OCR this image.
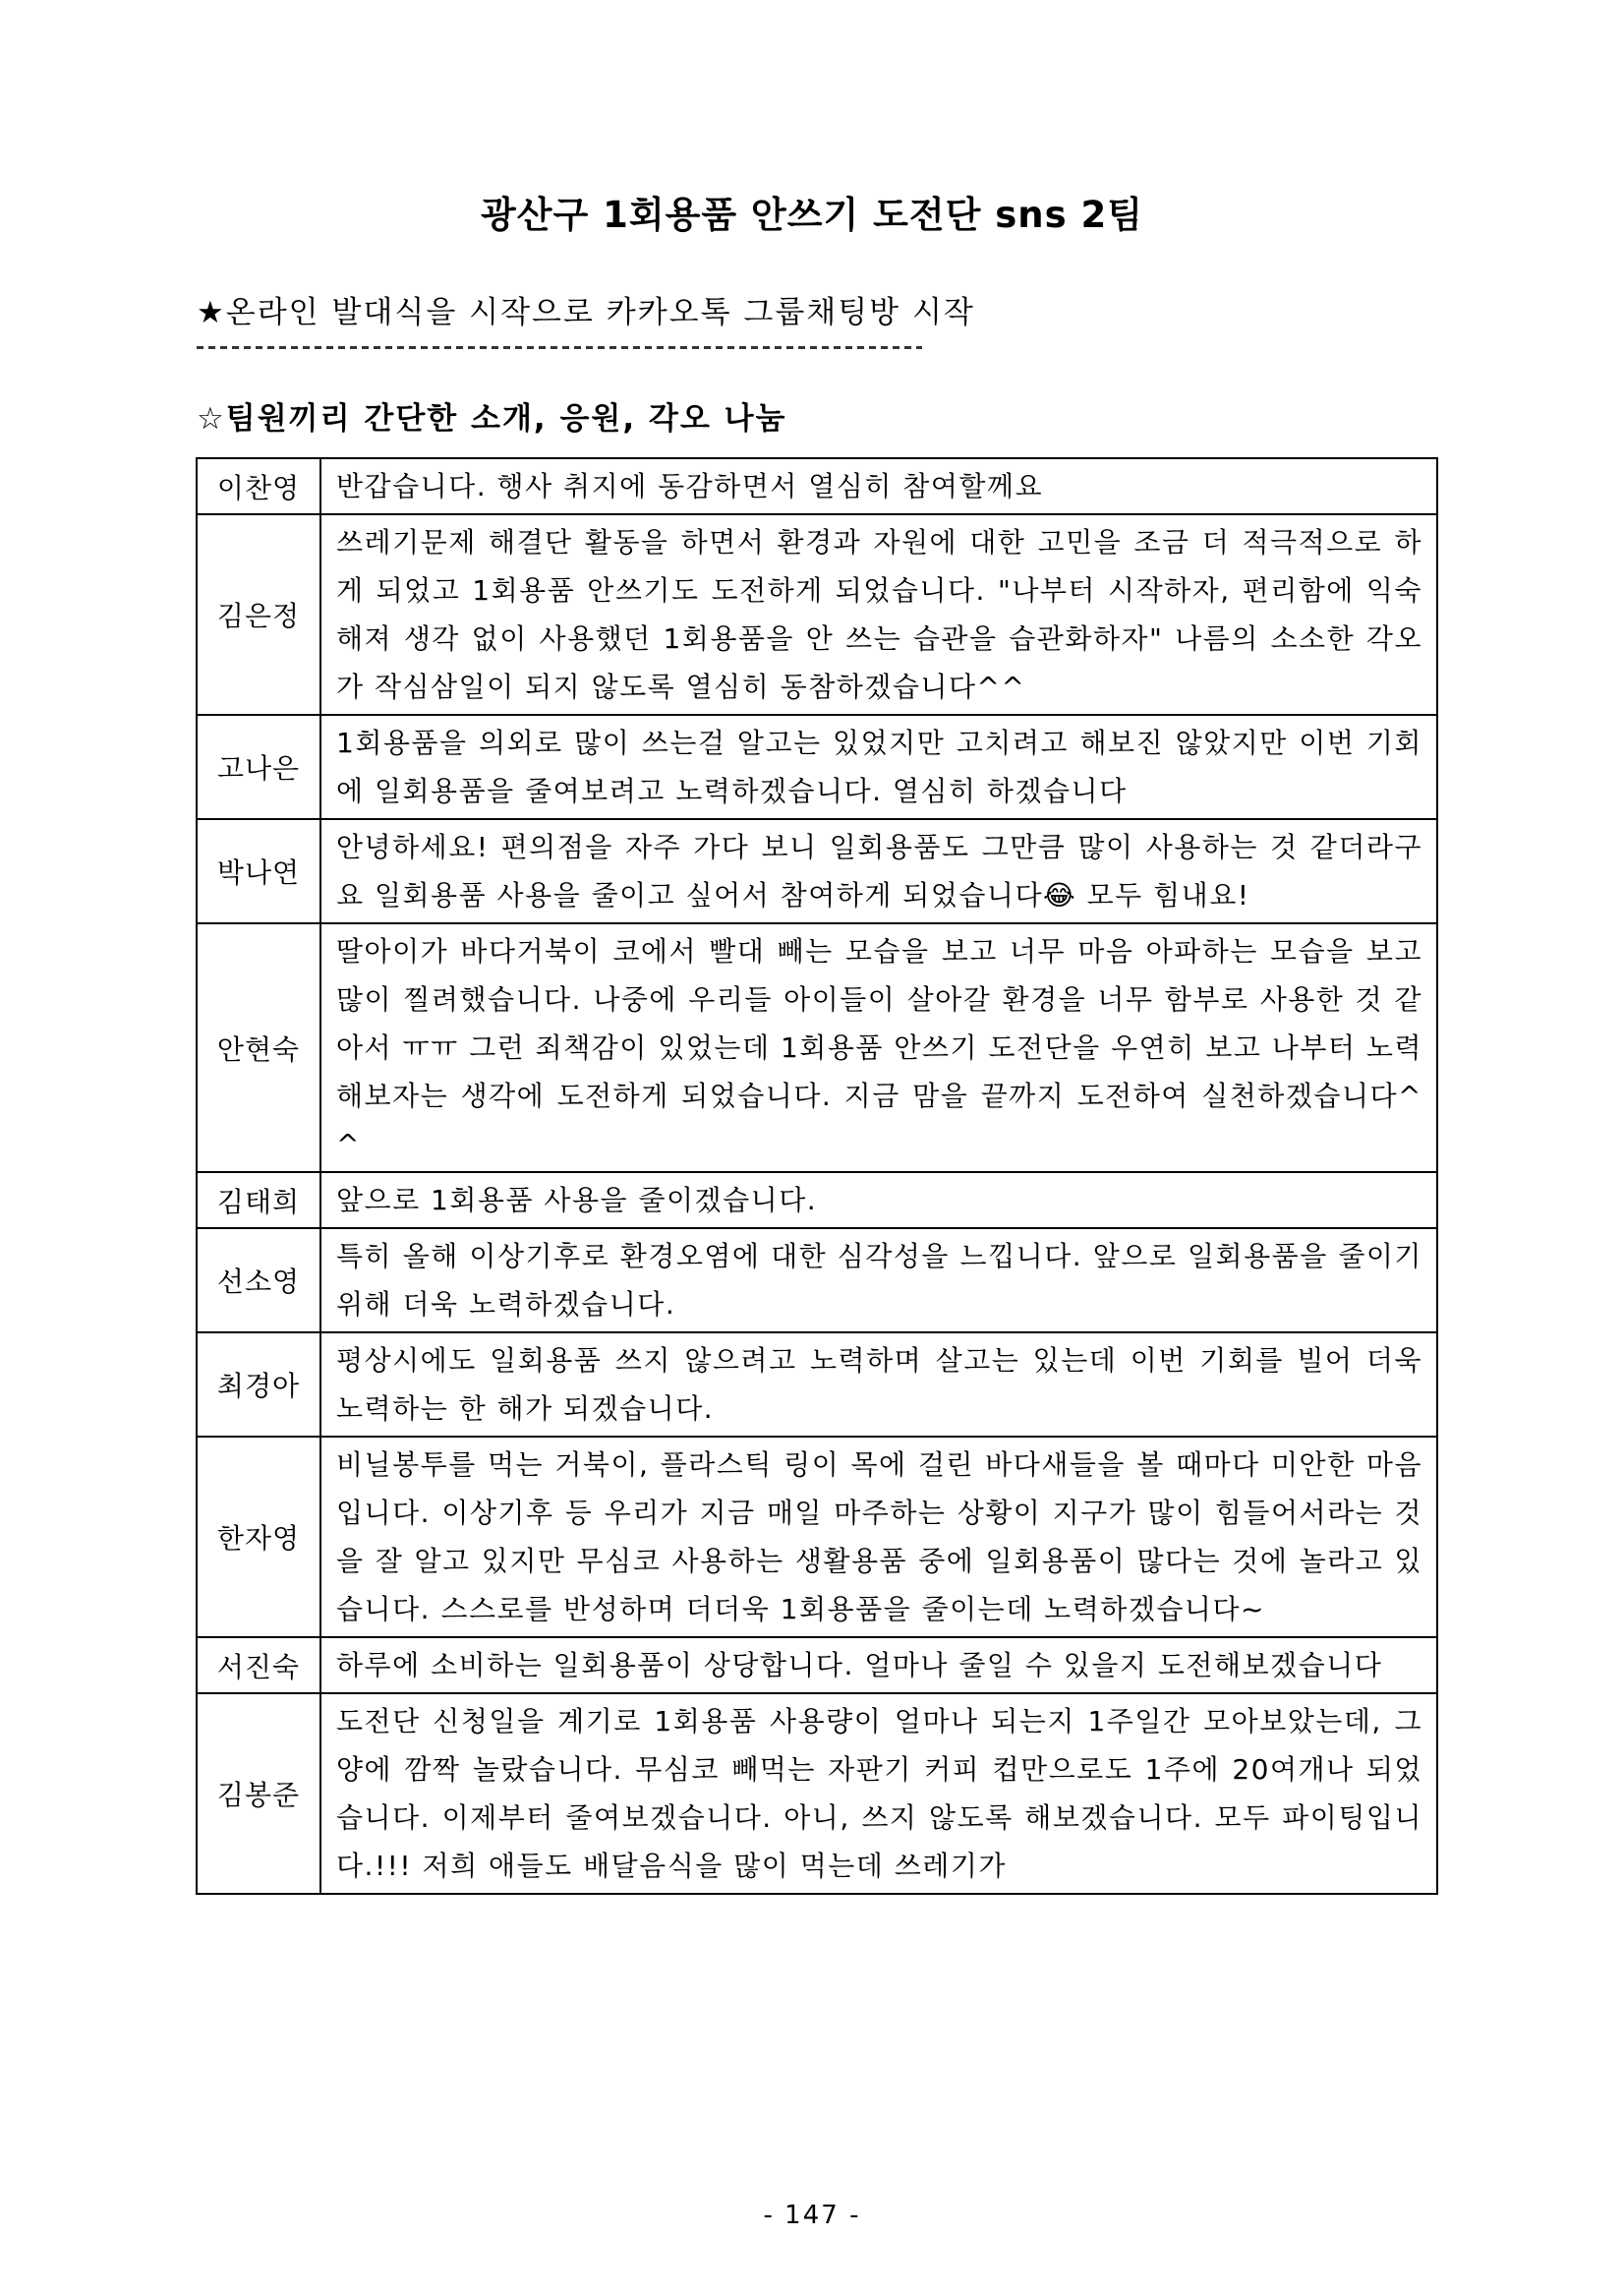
광산구 1회용품 안쓰기 도전단 sns 2팀
★온라인 발대식을 시작으로 카카오톡 그룹채팅방 시작
☆팀원끼리 간단한 소개, 응원, 각오 나눔
이찬영	반갑습니다. 행사 취지에 동감하면서 열심히 참여할께요
김은정	쓰레기문제 해결단 활동을 하면서 환경과 자원에 대한 고민을 조금 더 적극적으로 하게 되었고 1회용품 안쓰기도 도전하게 되었습니다. "나부터 시작하자, 편리함에 익숙해져 생각 없이 사용했던 1회용품을 안 쓰는 습관을 습관화하자" 나름의 소소한 각오가 작심삼일이 되지 않도록 열심히 동참하겠습니다^^
고나은	1회용품을 의외로 많이 쓰는걸 알고는 있었지만 고치려고 해보진 않았지만 이번 기회에 일회용품을 줄여보려고 노력하겠습니다. 열심히 하겠습니다
박나연	안녕하세요! 편의점을 자주 가다 보니 일회용품도 그만큼 많이 사용하는 것 같더라구요 일회용품 사용을 줄이고 싶어서 참여하게 되었습니다😂 모두 힘내요!
안현숙	딸아이가 바다거북이 코에서 빨대 빼는 모습을 보고 너무 마음 아파하는 모습을 보고 많이 찔려했습니다. 나중에 우리들 아이들이 살아갈 환경을 너무 함부로 사용한 것 같아서 ㅠㅠ 그런 죄책감이 있었는데 1회용품 안쓰기 도전단을 우연히 보고 나부터 노력해보자는 생각에 도전하게 되었습니다. 지금 맘을 끝까지 도전하여 실천하겠습니다^^
김태희	앞으로 1회용품 사용을 줄이겠습니다.
선소영	특히 올해 이상기후로 환경오염에 대한 심각성을 느낍니다. 앞으로 일회용품을 줄이기 위해 더욱 노력하겠습니다.
최경아	평상시에도 일회용품 쓰지 않으려고 노력하며 살고는 있는데 이번 기회를 빌어 더욱 노력하는 한 해가 되겠습니다.
한자영	비닐봉투를 먹는 거북이, 플라스틱 링이 목에 걸린 바다새들을 볼 때마다 미안한 마음입니다. 이상기후 등 우리가 지금 매일 마주하는 상황이 지구가 많이 힘들어서라는 것을 잘 알고 있지만 무심코 사용하는 생활용품 중에 일회용품이 많다는 것에 놀라고 있습니다. 스스로를 반성하며 더더욱 1회용품을 줄이는데 노력하겠습니다~
서진숙	하루에 소비하는 일회용품이 상당합니다. 얼마나 줄일 수 있을지 도전해보겠습니다
김봉준	도전단 신청일을 계기로 1회용품 사용량이 얼마나 되는지 1주일간 모아보았는데, 그 양에 깜짝 놀랐습니다. 무심코 빼먹는 자판기 커피 컵만으로도 1주에 20여개나 되었습니다. 이제부터 줄여보겠습니다. 아니, 쓰지 않도록 해보겠습니다. 모두 파이팅입니다.!!! 저희 애들도 배달음식을 많이 먹는데 쓰레기가
- 147 -
